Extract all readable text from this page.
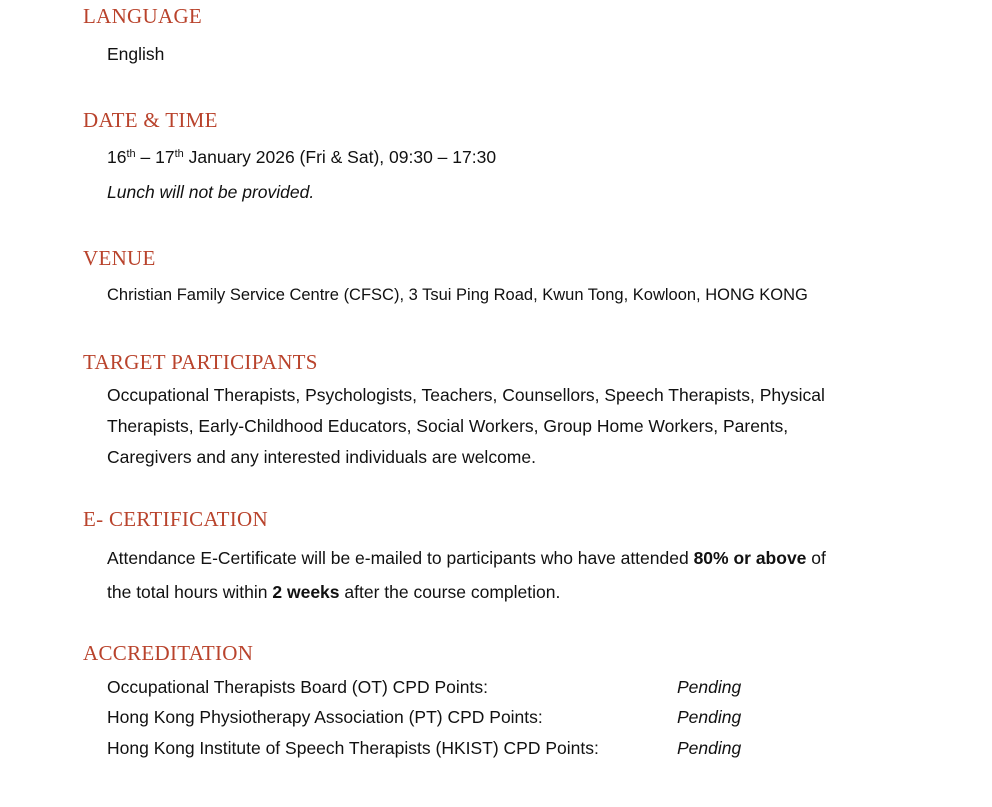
LANGUAGE
English
DATE & TIME
16th – 17th January 2026 (Fri & Sat), 09:30 – 17:30
Lunch will not be provided.
VENUE
Christian Family Service Centre (CFSC), 3 Tsui Ping Road, Kwun Tong, Kowloon, HONG KONG
TARGET PARTICIPANTS
Occupational Therapists, Psychologists, Teachers, Counsellors, Speech Therapists, Physical
Therapists, Early-Childhood Educators, Social Workers, Group Home Workers, Parents,
Caregivers and any interested individuals are welcome.
E- CERTIFICATION
Attendance E-Certificate will be e-mailed to participants who have attended 80% or above of
the total hours within 2 weeks after the course completion.
ACCREDITATION
Occupational Therapists Board (OT) CPD Points:	Pending
Hong Kong Physiotherapy Association (PT) CPD Points:	Pending
Hong Kong Institute of Speech Therapists (HKIST) CPD Points:	Pending
